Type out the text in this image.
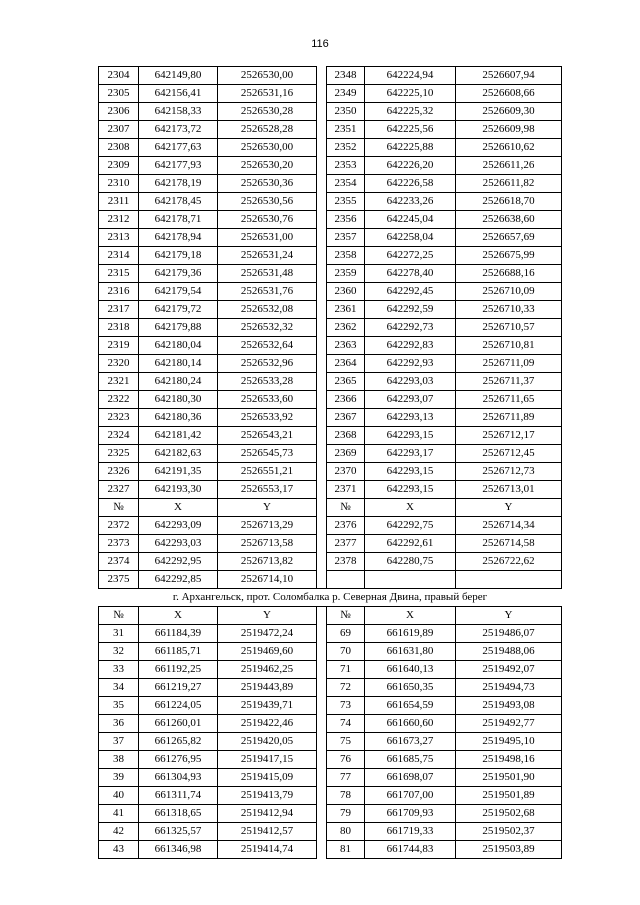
116
2304	642149,80	2526530,00		2348	642224,94	2526607,94
2305	642156,41	2526531,16		2349	642225,10	2526608,66
2306	642158,33	2526530,28		2350	642225,32	2526609,30
2307	642173,72	2526528,28		2351	642225,56	2526609,98
2308	642177,63	2526530,00		2352	642225,88	2526610,62
2309	642177,93	2526530,20		2353	642226,20	2526611,26
2310	642178,19	2526530,36		2354	642226,58	2526611,82
2311	642178,45	2526530,56		2355	642233,26	2526618,70
2312	642178,71	2526530,76		2356	642245,04	2526638,60
2313	642178,94	2526531,00		2357	642258,04	2526657,69
2314	642179,18	2526531,24		2358	642272,25	2526675,99
2315	642179,36	2526531,48		2359	642278,40	2526688,16
2316	642179,54	2526531,76		2360	642292,45	2526710,09
2317	642179,72	2526532,08		2361	642292,59	2526710,33
2318	642179,88	2526532,32		2362	642292,73	2526710,57
2319	642180,04	2526532,64		2363	642292,83	2526710,81
2320	642180,14	2526532,96		2364	642292,93	2526711,09
2321	642180,24	2526533,28		2365	642293,03	2526711,37
2322	642180,30	2526533,60		2366	642293,07	2526711,65
2323	642180,36	2526533,92		2367	642293,13	2526711,89
2324	642181,42	2526543,21		2368	642293,15	2526712,17
2325	642182,63	2526545,73		2369	642293,17	2526712,45
2326	642191,35	2526551,21		2370	642293,15	2526712,73
2327	642193,30	2526553,17		2371	642293,15	2526713,01
№	X	Y		№	X	Y
2372	642293,09	2526713,29		2376	642292,75	2526714,34
2373	642293,03	2526713,58		2377	642292,61	2526714,58
2374	642292,95	2526713,82		2378	642280,75	2526722,62
2375	642292,85	2526714,10				
г. Архангельск, прот. Соломбалка р. Северная Двина, правый берег						
№	X	Y		№	X	Y
31	661184,39	2519472,24		69	661619,89	2519486,07
32	661185,71	2519469,60		70	661631,80	2519488,06
33	661192,25	2519462,25		71	661640,13	2519492,07
34	661219,27	2519443,89		72	661650,35	2519494,73
35	661224,05	2519439,71		73	661654,59	2519493,08
36	661260,01	2519422,46		74	661660,60	2519492,77
37	661265,82	2519420,05		75	661673,27	2519495,10
38	661276,95	2519417,15		76	661685,75	2519498,16
39	661304,93	2519415,09		77	661698,07	2519501,90
40	661311,74	2519413,79		78	661707,00	2519501,89
41	661318,65	2519412,94		79	661709,93	2519502,68
42	661325,57	2519412,57		80	661719,33	2519502,37
43	661346,98	2519414,74		81	661744,83	2519503,89
